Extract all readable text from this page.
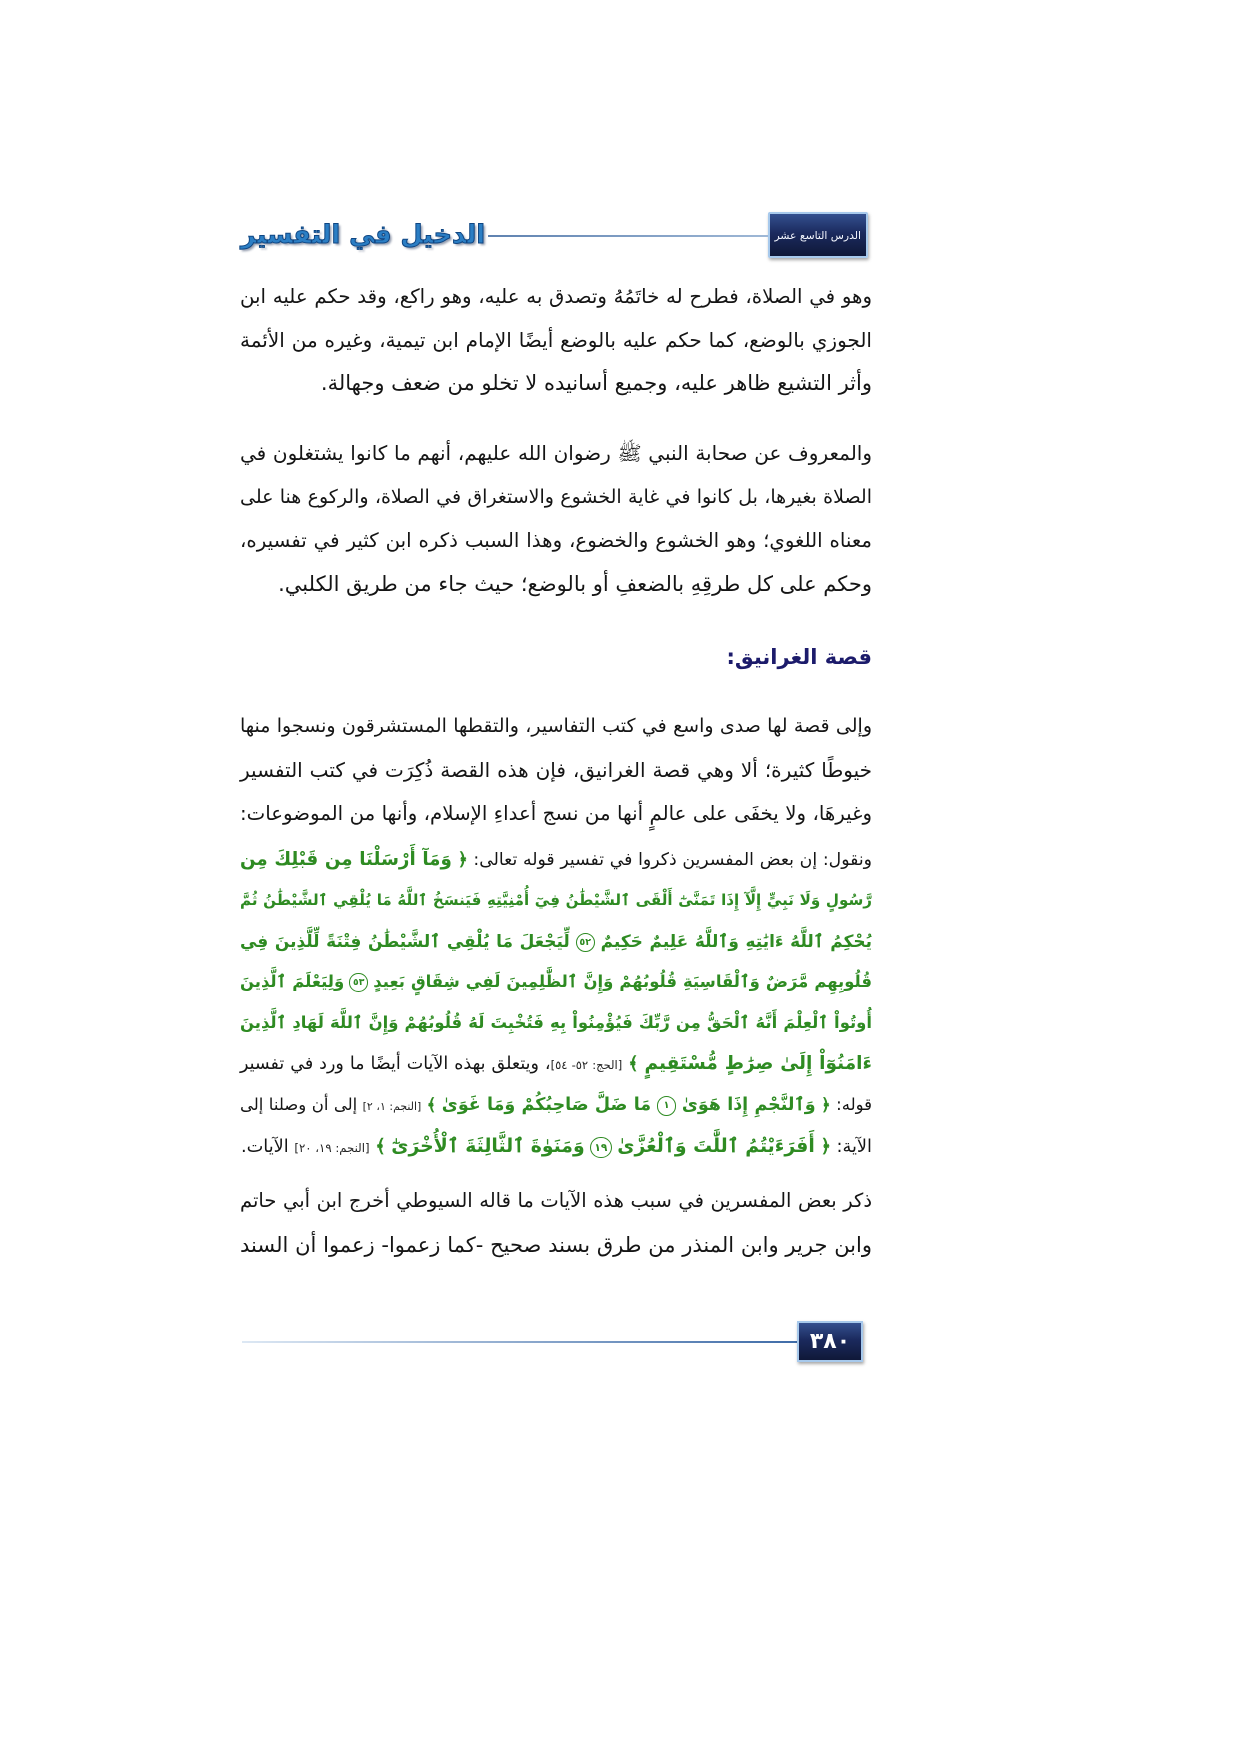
الدرس التاسع عشر
الدخيل في التفسير
وهو في الصلاة، فطرح له خاتَمُهُ وتصدق به عليه، وهو راكع، وقد حكم عليه ابن
الجوزي بالوضع، كما حكم عليه بالوضع أيضًا الإمام ابن تيمية، وغيره من الأئمة
وأثر التشيع ظاهر عليه، وجميع أسانيده لا تخلو من ضعف وجهالة.
والمعروف عن صحابة النبي ﷺ رضوان الله عليهم، أنهم ما كانوا يشتغلون في
الصلاة بغيرها، بل كانوا في غاية الخشوع والاستغراق في الصلاة، والركوع هنا على
معناه اللغوي؛ وهو الخشوع والخضوع، وهذا السبب ذكره ابن كثير في تفسيره،
وحكم على كل طرقِهِ بالضعفِ أو بالوضع؛ حيث جاء من طريق الكلبي.
قصة الغرانيق:
وإلى قصة لها صدى واسع في كتب التفاسير، والتقطها المستشرقون ونسجوا منها
خيوطًا كثيرة؛ ألا وهي قصة الغرانيق، فإن هذه القصة ذُكِرَت في كتب التفسير
وغيرهَا، ولا يخفَى على عالمٍ أنها من نسج أعداءِ الإسلام، وأنها من الموضوعات:
ونقول: إن بعض المفسرين ذكروا في تفسير قوله تعالى: ﴿ وَمَآ أَرْسَلْنَا مِن قَبْلِكَ مِن
رَّسُولٍ وَلَا نَبِيٍّ إِلَّآ إِذَا تَمَنَّىٰٓ أَلْقَى ٱلشَّيْطَٰنُ فِيٓ أُمْنِيَّتِهِ فَيَنسَخُ ٱللَّهُ مَا يُلْقِي ٱلشَّيْطَٰنُ ثُمَّ
يُحْكِمُ ٱللَّهُ ءَايَٰتِهِ وَٱللَّهُ عَلِيمٌ حَكِيمٌ ٥٢ لِّيَجْعَلَ مَا يُلْقِي ٱلشَّيْطَٰنُ فِتْنَةً لِّلَّذِينَ فِي
قُلُوبِهِم مَّرَضٌ وَٱلْقَاسِيَةِ قُلُوبُهُمْ وَإِنَّ ٱلظَّٰلِمِينَ لَفِي شِقَاقٍ بَعِيدٍ ٥٣ وَلِيَعْلَمَ ٱلَّذِينَ
أُوتُواْ ٱلْعِلْمَ أَنَّهُ ٱلْحَقُّ مِن رَّبِّكَ فَيُؤْمِنُواْ بِهِ فَتُخْبِتَ لَهُ قُلُوبُهُمْ وَإِنَّ ٱللَّهَ لَهَادِ ٱلَّذِينَ
ءَامَنُوٓاْ إِلَىٰ صِرَٰطٍ مُّسْتَقِيمٍ ﴾ [الحج: ٥٢- ٥٤]، ويتعلق بهذه الآيات أيضًا ما ورد في تفسير
قوله: ﴿ وَٱلنَّجْمِ إِذَا هَوَىٰ ١ مَا ضَلَّ صَاحِبُكُمْ وَمَا غَوَىٰ ﴾ [النجم: ١، ٢] إلى أن وصلنا إلى
الآية: ﴿ أَفَرَءَيْتُمُ ٱللَّٰتَ وَٱلْعُزَّىٰ ١٩ وَمَنَوٰةَ ٱلثَّالِثَةَ ٱلْأُخْرَىٰٓ ﴾ [النجم: ١٩، ٢٠] الآيات.
ذكر بعض المفسرين في سبب هذه الآيات ما قاله السيوطي أخرج ابن أبي حاتم
وابن جرير وابن المنذر من طرق بسند صحيح -كما زعموا- زعموا أن السند
٣٨٠
